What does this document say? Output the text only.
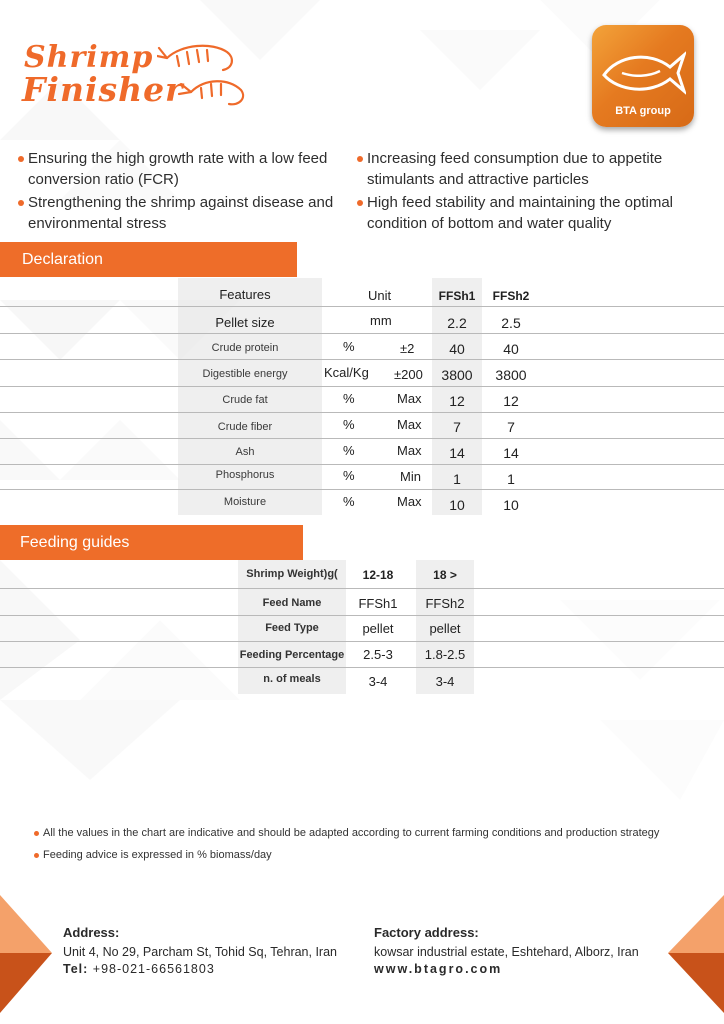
Shrimp
Finisher
BTA group
Ensuring the high growth rate with a low feed conversion ratio (FCR)
Strengthening the shrimp against disease and environmental stress
Increasing feed consumption due to appetite stimulants and attractive particles
High feed stability and maintaining the optimal condition of bottom and water quality
Declaration
Features	Unit	FFSh1	FFSh2
Pellet size	mm	2.2	2.5
Crude protein	%	±2	40	40
Digestible energy	Kcal/Kg ±200	3800	3800
Crude fat	%	Max	12	12
Crude fiber	%	Max	7	7
Ash	%	Max	14	14
Phosphorus	%	Min	1	1
Moisture	%	Max	10	10
Feeding guides
Shrimp Weight)g(	12-18	18 >
Feed Name	FFSh1	FFSh2
Feed Type	pellet	pellet
Feeding Percentage	2.5-3	1.8-2.5
n. of meals	3-4	3-4
All the values in the chart are indicative and should be adapted according to current farming conditions and production strategy
Feeding advice is expressed in % biomass/day
Address:
Unit 4, No 29, Parcham St, Tohid Sq, Tehran, Iran
Tel: +98-021-66561803
Factory address:
kowsar industrial estate, Eshtehard, Alborz, Iran
www.btagro.com
